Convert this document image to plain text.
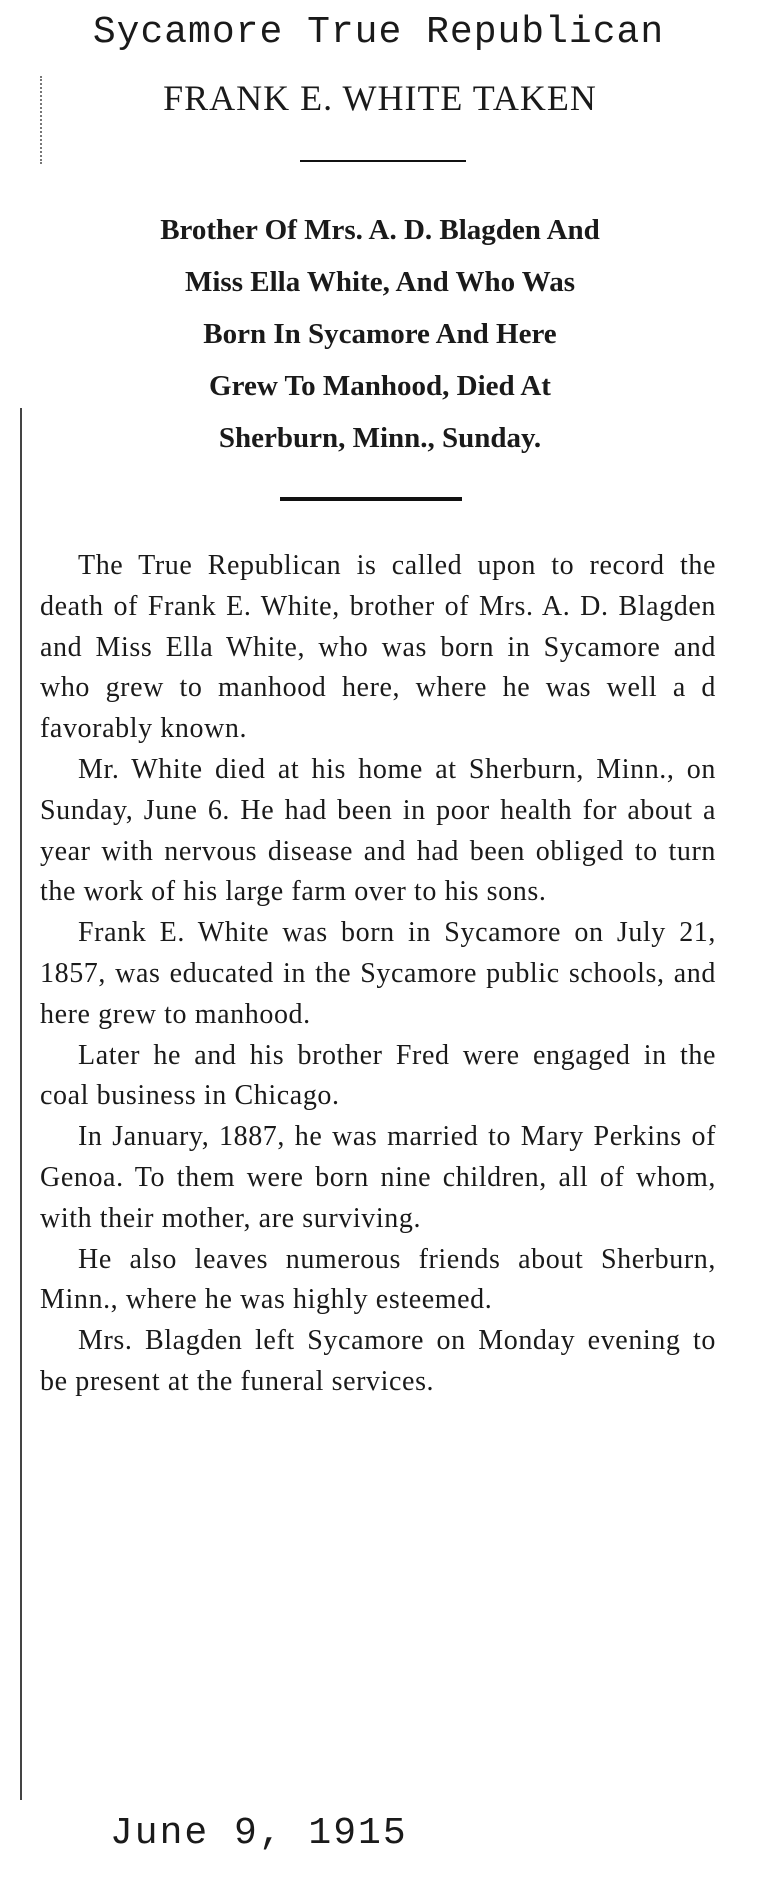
Sycamore True Republican
FRANK E. WHITE TAKEN
Brother Of Mrs. A. D. Blagden And
Miss Ella White, And Who Was
Born In Sycamore And Here
Grew To Manhood, Died At
Sherburn, Minn., Sunday.

The True Republican is called upon to record the death of Frank E. White, brother of Mrs. A. D. Blagden and Miss Ella White, who was born in Sycamore and who grew to manhood here, where he was well a d favorably known.

Mr. White died at his home at Sherburn, Minn., on Sunday, June 6. He had been in poor health for about a year with nervous disease and had been obliged to turn the work of his large farm over to his sons.

Frank E. White was born in Sycamore on July 21, 1857, was educated in the Sycamore public schools, and here grew to manhood.

Later he and his brother Fred were engaged in the coal business in Chicago.

In January, 1887, he was married to Mary Perkins of Genoa. To them were born nine children, all of whom, with their mother, are surviving.

He also leaves numerous friends about Sherburn, Minn., where he was highly esteemed.

Mrs. Blagden left Sycamore on Monday evening to be present at the funeral services.

June 9, 1915
